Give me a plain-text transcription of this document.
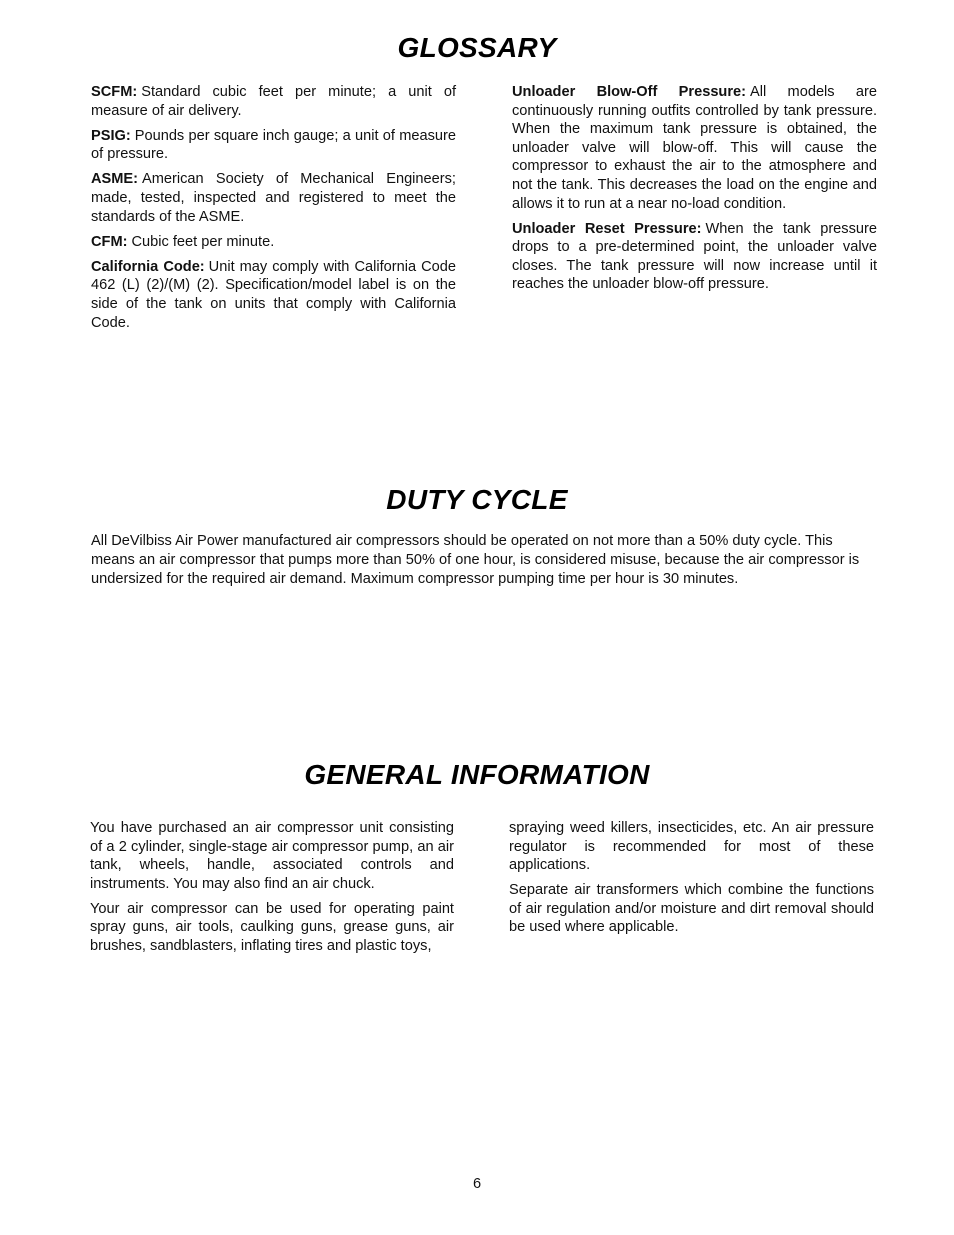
GLOSSARY

SCFM: Standard cubic feet per minute; a unit of measure of air delivery.

PSIG: Pounds per square inch gauge; a unit of measure of pressure.

ASME: American Society of Mechanical Engineers; made, tested, inspected and registered to meet the standards of the ASME.

CFM: Cubic feet per minute.

California Code: Unit may comply with California Code 462 (L) (2)/(M) (2). Specification/model label is on the side of the tank on units that comply with California Code.

Unloader Blow-Off Pressure: All models are continuously running outfits controlled by tank pressure. When the maximum tank pressure is obtained, the unloader valve will blow-off. This will cause the compressor to exhaust the air to the atmosphere and not the tank. This decreases the load on the engine and allows it to run at a near no-load condition.

Unloader Reset Pressure: When the tank pressure drops to a pre-determined point, the unloader valve closes. The tank pressure will now increase until it reaches the unloader blow-off pressure.

DUTY CYCLE

All DeVilbiss Air Power manufactured air compressors should be operated on not more than a 50% duty cycle. This means an air compressor that pumps more than 50% of one hour, is considered misuse, because the air compressor is undersized for the required air demand. Maximum compressor pumping time per hour is 30 minutes.

GENERAL INFORMATION

You have purchased an air compressor unit consisting of a 2 cylinder, single-stage air compressor pump, an air tank, wheels, handle, associated controls and instruments. You may also find an air chuck.

Your air compressor can be used for operating paint spray guns, air tools, caulking guns, grease guns, air brushes, sandblasters, inflating tires and plastic toys,

spraying weed killers, insecticides, etc. An air pressure regulator is recommended for most of these applications.

Separate air transformers which combine the functions of air regulation and/or moisture and dirt removal should be used where applicable.

6
